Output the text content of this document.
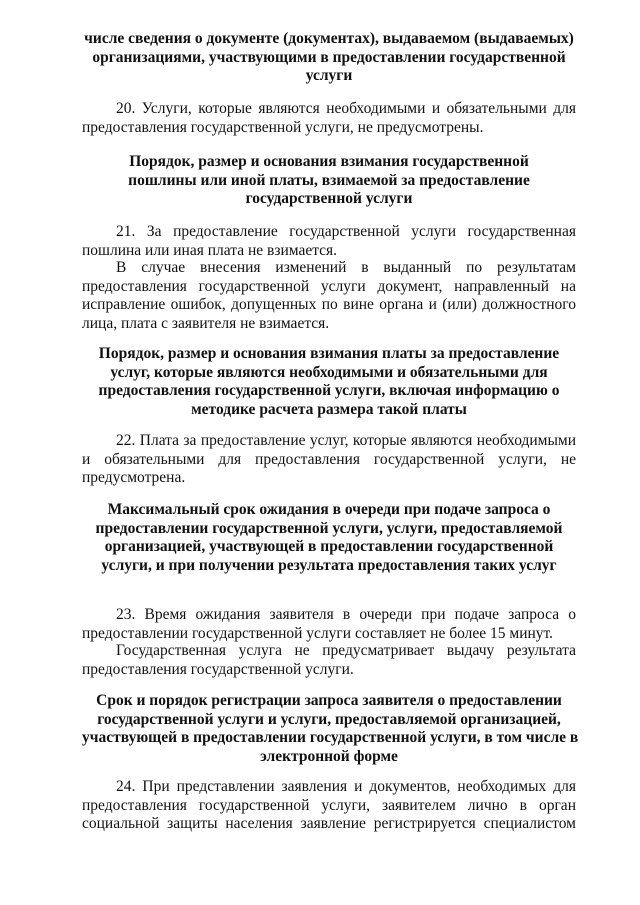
числе сведения о документе (документах), выдаваемом (выдаваемых)
организациями, участвующими в предоставлении государственной
услуги
20. Услуги, которые являются необходимыми и обязательными для предоставления государственной услуги, не предусмотрены.
Порядок, размер и основания взимания государственной
пошлины или иной платы, взимаемой за предоставление
государственной услуги
21. За предоставление государственной услуги государственная пошлина или иная плата не взимается.
В случае внесения изменений в выданный по результатам предоставления государственной услуги документ, направленный на исправление ошибок, допущенных по вине органа и (или) должностного лица, плата с заявителя не взимается.
Порядок, размер и основания взимания платы за предоставление
услуг, которые являются необходимыми и обязательными для
предоставления государственной услуги, включая информацию о
методике расчета размера такой платы
22. Плата за предоставление услуг, которые являются необходимыми и обязательными для предоставления государственной услуги, не предусмотрена.
Максимальный срок ожидания в очереди при подаче запроса о
предоставлении государственной услуги, услуги, предоставляемой
организацией, участвующей в предоставлении государственной
услуги, и при получении результата предоставления таких услуг
23. Время ожидания заявителя в очереди при подаче запроса о предоставлении государственной услуги составляет не более 15 минут.
Государственная услуга не предусматривает выдачу результата предоставления государственной услуги.
Срок и порядок регистрации запроса заявителя о предоставлении
государственной услуги и услуги, предоставляемой организацией,
участвующей в предоставлении государственной услуги, в том числе в
электронной форме
24. При представлении заявления и документов, необходимых для
предоставления государственной услуги, заявителем лично в орган
социальной защиты населения заявление регистрируется специалистом
